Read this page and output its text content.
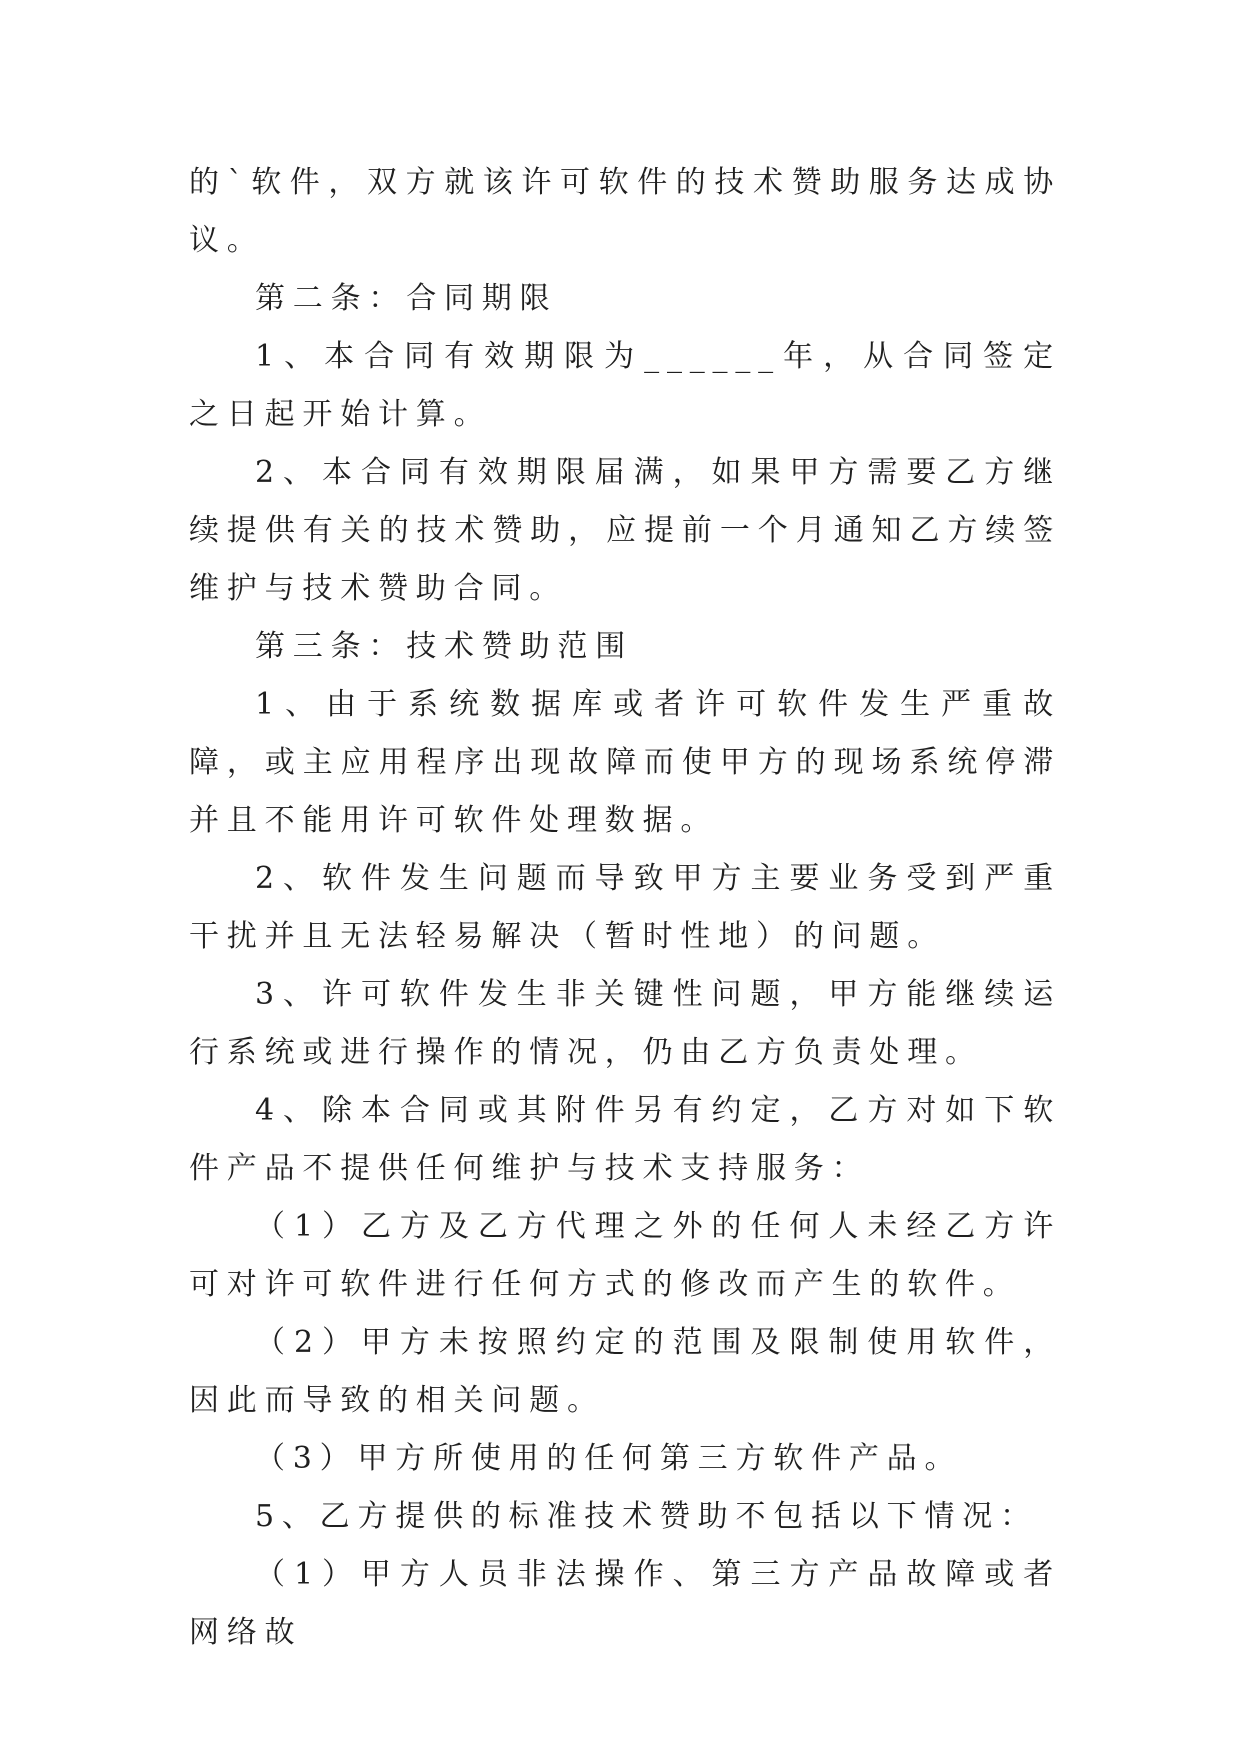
的`软件，双方就该许可软件的技术赞助服务达成协议。

第二条：合同期限

1、本合同有效期限为______年，从合同签定之日起开始计算。

2、本合同有效期限届满，如果甲方需要乙方继续提供有关的技术赞助，应提前一个月通知乙方续签维护与技术赞助合同。

第三条：技术赞助范围

1、由于系统数据库或者许可软件发生严重故障，或主应用程序出现故障而使甲方的现场系统停滞并且不能用许可软件处理数据。

2、软件发生问题而导致甲方主要业务受到严重干扰并且无法轻易解决（暂时性地）的问题。

3、许可软件发生非关键性问题，甲方能继续运行系统或进行操作的情况，仍由乙方负责处理。

4、除本合同或其附件另有约定，乙方对如下软件产品不提供任何维护与技术支持服务：

（1）乙方及乙方代理之外的任何人未经乙方许可对许可软件进行任何方式的修改而产生的软件。

（2）甲方未按照约定的范围及限制使用软件，因此而导致的相关问题。

（3）甲方所使用的任何第三方软件产品。

5、乙方提供的标准技术赞助不包括以下情况：

（1）甲方人员非法操作、第三方产品故障或者网络故
